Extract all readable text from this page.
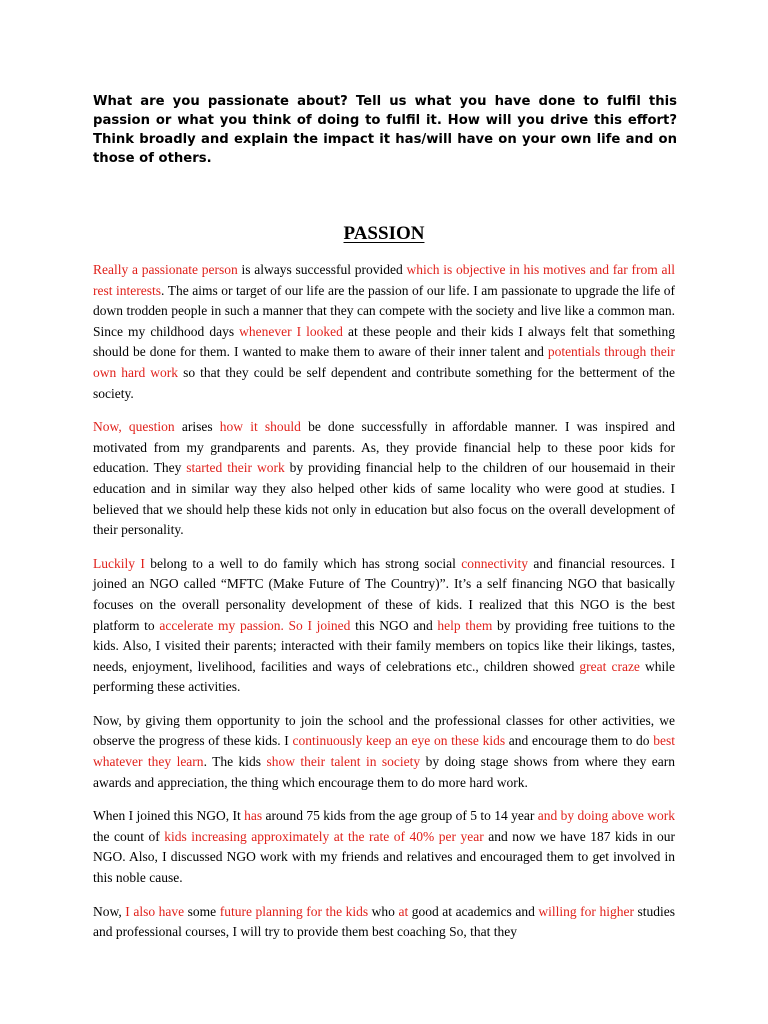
What are you passionate about? Tell us what you have done to fulfil this passion or what you think of doing to fulfil it. How will you drive this effort? Think broadly and explain the impact it has/will have on your own life and on those of others.

PASSION

Really a passionate person is always successful provided which is objective in his motives and far from all rest interests. The aims or target of our life are the passion of our life. I am passionate to upgrade the life of down trodden people in such a manner that they can compete with the society and live like a common man. Since my childhood days whenever I looked at these people and their kids I always felt that something should be done for them. I wanted to make them to aware of their inner talent and potentials through their own hard work so that they could be self dependent and contribute something for the betterment of the society.

Now, question arises how it should be done successfully in affordable manner. I was inspired and motivated from my grandparents and parents. As, they provide financial help to these poor kids for education. They started their work by providing financial help to the children of our housemaid in their education and in similar way they also helped other kids of same locality who were good at studies. I believed that we should help these kids not only in education but also focus on the overall development of their personality.

Luckily I belong to a well to do family which has strong social connectivity and financial resources. I joined an NGO called “MFTC (Make Future of The Country)”. It’s a self financing NGO that basically focuses on the overall personality development of these of kids. I realized that this NGO is the best platform to accelerate my passion. So I joined this NGO and help them by providing free tuitions to the kids. Also, I visited their parents; interacted with their family members on topics like their likings, tastes, needs, enjoyment, livelihood, facilities and ways of celebrations etc., children showed great craze while performing these activities.

Now, by giving them opportunity to join the school and the professional classes for other activities, we observe the progress of these kids. I continuously keep an eye on these kids and encourage them to do best whatever they learn. The kids show their talent in society by doing stage shows from where they earn awards and appreciation, the thing which encourage them to do more hard work.

When I joined this NGO, It has around 75 kids from the age group of 5 to 14 year and by doing above work the count of kids increasing approximately at the rate of 40% per year and now we have 187 kids in our NGO. Also, I discussed NGO work with my friends and relatives and encouraged them to get involved in this noble cause.

Now, I also have some future planning for the kids who at good at academics and willing for higher studies and professional courses, I will try to provide them best coaching So, that they
